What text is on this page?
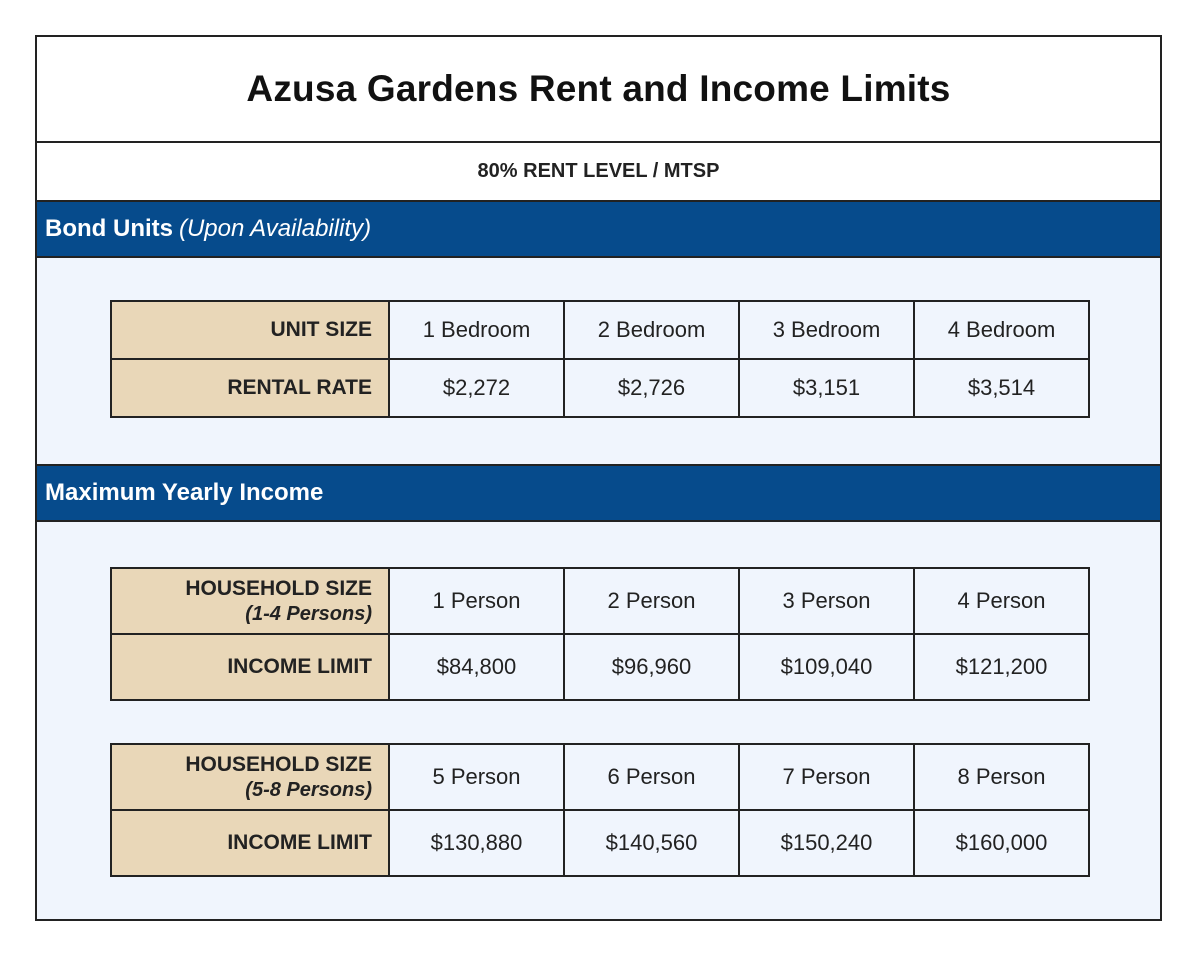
Azusa Gardens Rent and Income Limits
80% RENT LEVEL / MTSP
Bond Units (Upon Availability)
UNIT SIZE	1 Bedroom	2 Bedroom	3 Bedroom	4 Bedroom
RENTAL RATE	$2,272	$2,726	$3,151	$3,514
Maximum Yearly Income
HOUSEHOLD SIZE
(1-4 Persons)	1 Person	2 Person	3 Person	4 Person
INCOME LIMIT	$84,800	$96,960	$109,040	$121,200
HOUSEHOLD SIZE
(5-8 Persons)	5 Person	6 Person	7 Person	8 Person
INCOME LIMIT	$130,880	$140,560	$150,240	$160,000
